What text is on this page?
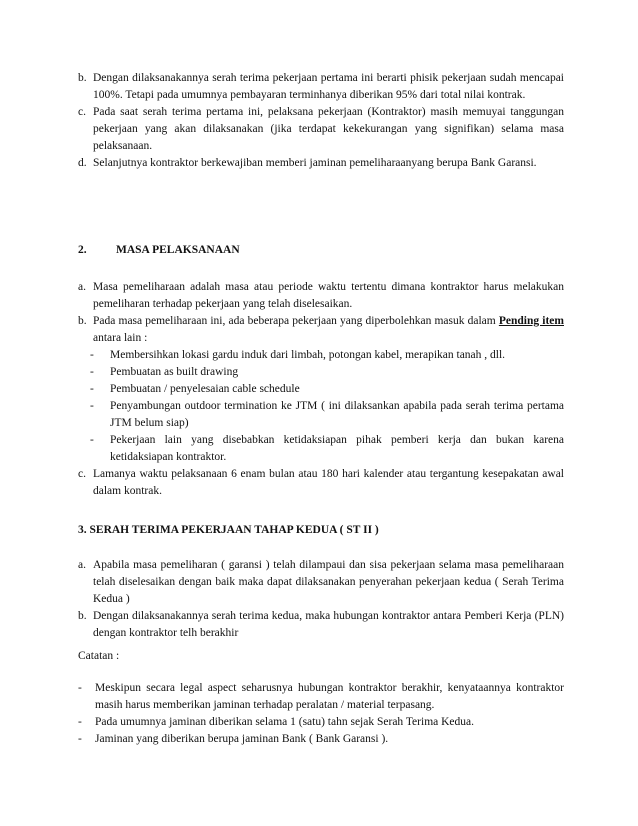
b. Dengan dilaksanakannya serah terima pekerjaan pertama ini berarti phisik pekerjaan sudah mencapai 100%. Tetapi pada umumnya pembayaran terminhanya diberikan 95% dari total nilai kontrak.

c. Pada saat serah terima pertama ini, pelaksana pekerjaan (Kontraktor) masih memuyai tanggungan pekerjaan yang akan dilaksanakan (jika terdapat kekekurangan yang signifikan) selama masa pelaksanaan.

d. Selanjutnya kontraktor berkewajiban memberi jaminan pemeliharaanyang berupa Bank Garansi.

2.	MASA PELAKSANAAN

a. Masa pemeliharaan adalah masa atau periode waktu tertentu dimana kontraktor harus melakukan pemeliharan terhadap pekerjaan yang telah diselesaikan.

b. Pada masa pemeliharaan ini, ada beberapa pekerjaan yang diperbolehkan masuk dalam Pending item antara lain :

- Membersihkan lokasi gardu induk dari limbah, potongan kabel, merapikan tanah , dll.

- Pembuatan as built drawing

- Pembuatan / penyelesaian cable schedule

- Penyambungan outdoor termination ke JTM ( ini dilaksankan apabila pada serah terima pertama JTM belum siap)

- Pekerjaan lain yang disebabkan ketidaksiapan pihak pemberi kerja dan bukan karena ketidaksiapan kontraktor.

c. Lamanya waktu pelaksanaan 6 enam bulan atau 180 hari kalender atau tergantung kesepakatan awal dalam kontrak.

3. SERAH TERIMA PEKERJAAN TAHAP KEDUA ( ST II )

a. Apabila masa pemeliharan ( garansi ) telah dilampaui dan sisa pekerjaan selama masa pemeliharaan telah diselesaikan dengan baik maka dapat dilaksanakan penyerahan pekerjaan kedua ( Serah Terima Kedua )

b. Dengan dilaksanakannya serah terima kedua, maka hubungan kontraktor antara Pemberi Kerja (PLN) dengan kontraktor telh berakhir

Catatan :

- Meskipun secara legal aspect seharusnya hubungan kontraktor berakhir, kenyataannya kontraktor masih harus memberikan jaminan terhadap peralatan / material terpasang.

- Pada umumnya jaminan diberikan selama 1 (satu) tahn sejak Serah Terima Kedua.

- Jaminan yang diberikan berupa jaminan Bank ( Bank Garansi ).
